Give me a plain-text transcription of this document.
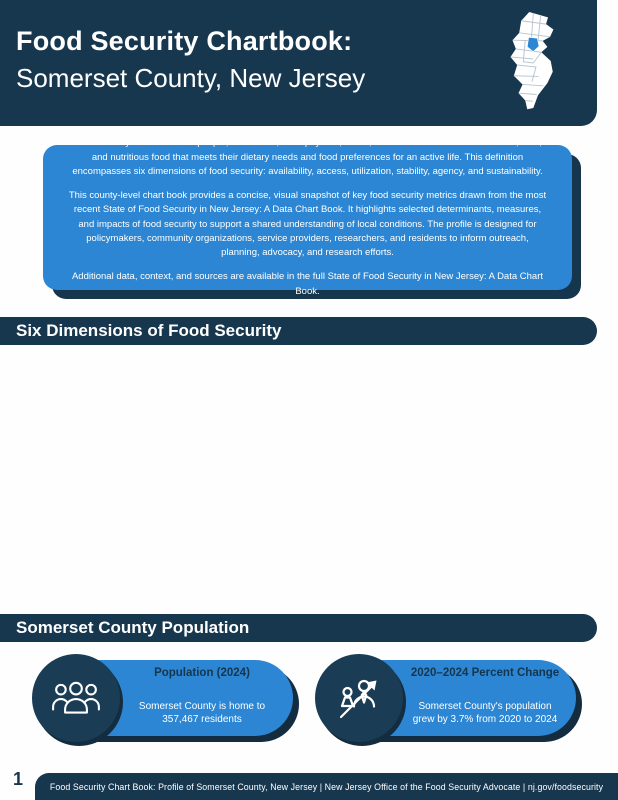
Food Security Chartbook:
Somerset County, New Jersey

Food security exists when all people, at all times, have physical, social, and economic access to sufficient, safe, and nutritious food that meets their dietary needs and food preferences for an active life. This definition encompasses six dimensions of food security: availability, access, utilization, stability, agency, and sustainability.

This county-level chart book provides a concise, visual snapshot of key food security metrics drawn from the most recent State of Food Security in New Jersey: A Data Chart Book. It highlights selected determinants, measures, and impacts of food security to support a shared understanding of local conditions. The profile is designed for policymakers, community organizations, service providers, researchers, and residents to inform outreach, planning, advocacy, and research efforts.

Additional data, context, and sources are available in the full State of Food Security in New Jersey: A Data Chart Book.

Six Dimensions of Food Security
Somerset County Population
Population (2024)
Somerset County is home to 357,467 residents
2020–2024 Percent Change
Somerset County's population grew by 3.7% from 2020 to 2024
1	Food Security Chart Book: Profile of Somerset County, New Jersey | New Jersey Office of the Food Security Advocate | nj.gov/foodsecurity
